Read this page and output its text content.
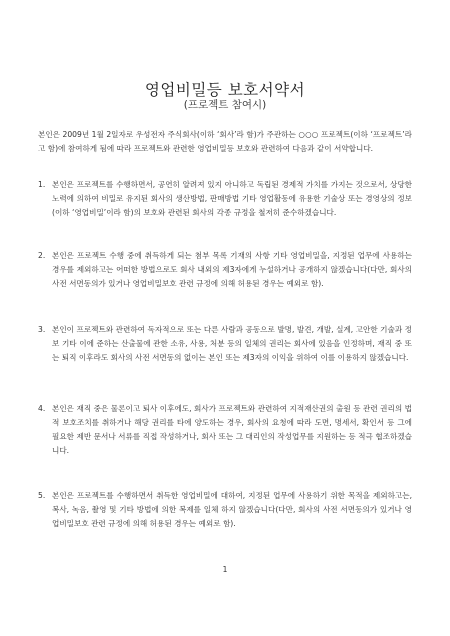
영업비밀등 보호서약서
(프로젝트 참여시)
본인은 2009년 1월 2일자로 우성전자 주식회사(이하 ‘회사’라 함)가 주관하는 ○○○ 프로젝트(이하 ‘프로젝트’라고 함)에 참여하게 됨에 따라 프로젝트와 관련한 영업비밀등 보호와 관련하여 다음과 같이 서약합니다.
1. 본인은 프로젝트를 수행하면서, 공연히 알려져 있지 아니하고 독립된 경제적 가치를 가지는 것으로서, 상당한 노력에 의하여 비밀로 유지된 회사의 생산방법, 판매방법 기타 영업활동에 유용한 기술상 또는 경영상의 정보(이하 ‘영업비밀’이라 함)의 보호와 관련된 회사의 각종 규정을 철저히 준수하겠습니다.
2. 본인은 프로젝트 수행 중에 취득하게 되는 첨부 목록 기재의 사항 기타 영업비밀을, 지정된 업무에 사용하는 경우를 제외하고는 어떠한 방법으로도 회사 내외의 제3자에게 누설하거나 공개하지 않겠습니다(다만, 회사의 사전 서면동의가 있거나 영업비밀보호 관련 규정에 의해 허용된 경우는 예외로 함).
3. 본인이 프로젝트와 관련하여 독자적으로 또는 다른 사람과 공동으로 발명, 발견, 개발, 실계, 고안한 기술과 정보 기타 이에 준하는 산출물에 관한 소유, 사용, 처분 등의 일체의 권리는 회사에 있음을 인정하며, 재직 중 또는 퇴직 이후라도 회사의 사전 서면동의 없이는 본인 또는 제3자의 이익을 위하여 이를 이용하지 않겠습니다.
4. 본인은 재직 중은 물론이고 퇴사 이후에도, 회사가 프로젝트와 관련하여 지적재산권의 출원 등 관련 권리의 법적 보호조치를 취하거나 해당 권리를 타에 양도하는 경우, 회사의 요청에 따라 도면, 명세서, 확인서 등 그에 필요한 제반 문서나 서류를 직접 작성하거나, 회사 또는 그 대리인의 작성업무를 지원하는 등 적극 협조하겠습니다.
5. 본인은 프로젝트를 수행하면서 취득한 영업비밀에 대하여, 지정된 업무에 사용하기 위한 목적을 제외하고는, 복사, 녹음, 촬영 및 기타 방법에 의한 복제를 일체 하지 않겠습니다(다만, 회사의 사전 서면동의가 있거나 영업비밀보호 관련 규정에 의해 허용된 경우는 예외로 함).
1
